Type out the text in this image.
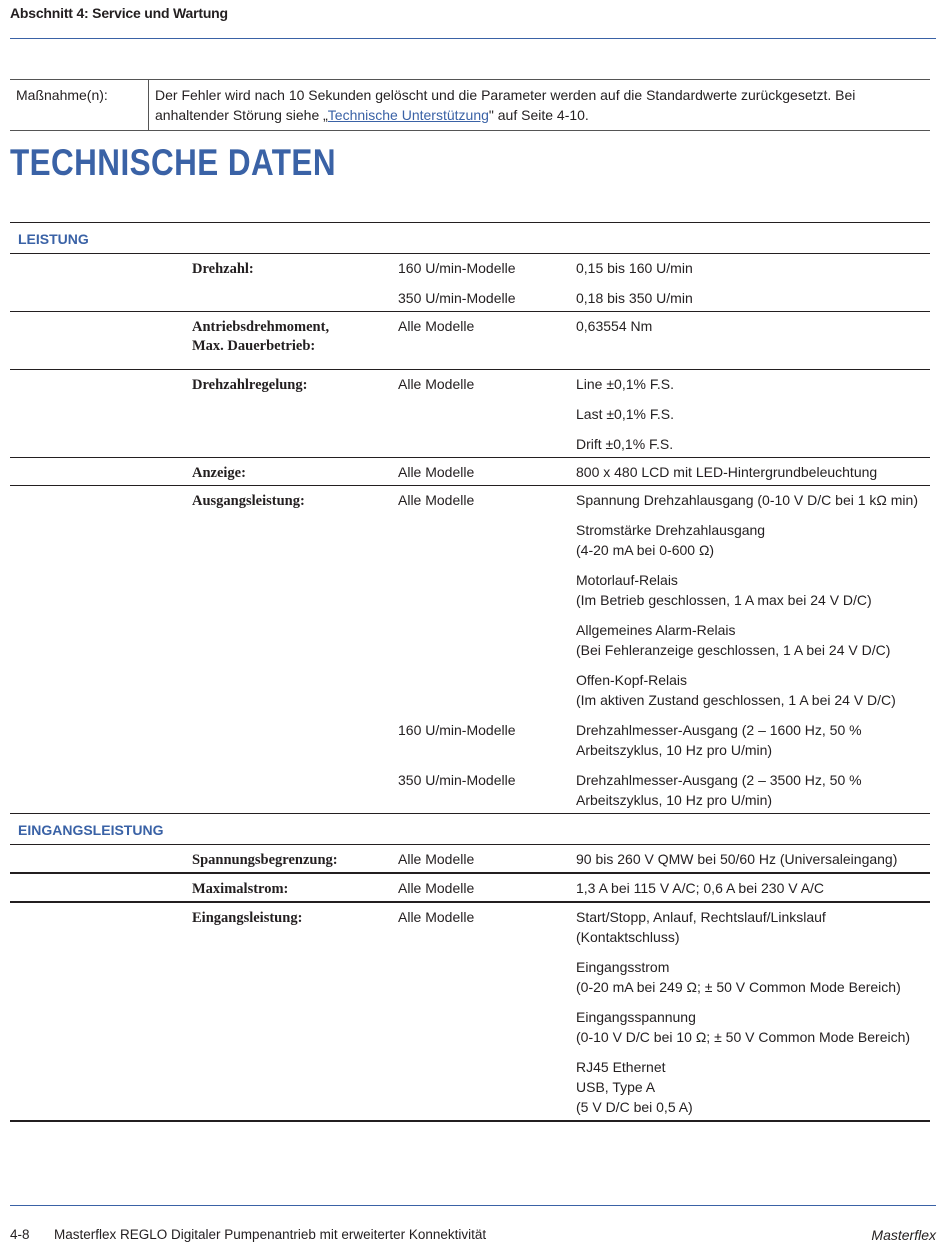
Abschnitt 4: Service und Wartung
Maßnahme(n):	Der Fehler wird nach 10 Sekunden gelöscht und die Parameter werden auf die Standardwerte zurückgesetzt. Bei anhaltender Störung siehe „Technische Unterstützung" auf Seite 4-10.
TECHNISCHE DATEN
LEISTUNG
Drehzahl:	160 U/min-Modelle	0,15 bis 160 U/min
350 U/min-Modelle	0,18 bis 350 U/min
Antriebsdrehmoment,
Max. Dauerbetrieb:
Alle Modelle	0,63554 Nm
Drehzahlregelung:	Alle Modelle	Line ±0,1% F.S.
Last ±0,1% F.S.
Drift ±0,1% F.S.
Anzeige:	Alle Modelle	800 x 480 LCD mit LED-Hintergrundbeleuchtung
Ausgangsleistung:	Alle Modelle	Spannung Drehzahlausgang (0-10 V D/C bei 1 kΩ min)
Stromstärke Drehzahlausgang
(4-20 mA bei 0-600 Ω)
Motorlauf-Relais
(Im Betrieb geschlossen, 1 A max bei 24 V D/C)
Allgemeines Alarm-Relais
(Bei Fehleranzeige geschlossen, 1 A bei 24 V D/C)
Offen-Kopf-Relais
(Im aktiven Zustand geschlossen, 1 A bei 24 V D/C)
160 U/min-Modelle	Drehzahlmesser-Ausgang (2 – 1600 Hz, 50 %
Arbeitszyklus, 10 Hz pro U/min)
350 U/min-Modelle	Drehzahlmesser-Ausgang (2 – 3500 Hz, 50 %
Arbeitszyklus, 10 Hz pro U/min)
EINGANGSLEISTUNG
Spannungsbegrenzung:	Alle Modelle	90 bis 260 V QMW bei 50/60 Hz (Universaleingang)
Maximalstrom:	Alle Modelle	1,3 A bei 115 V A/C; 0,6 A bei 230 V A/C
Eingangsleistung:	Alle Modelle	Start/Stopp, Anlauf, Rechtslauf/Linkslauf
(Kontaktschluss)
Eingangsstrom
(0-20 mA bei 249 Ω; ± 50 V Common Mode Bereich)
Eingangsspannung
(0-10 V D/C bei 10 Ω; ± 50 V Common Mode Bereich)
RJ45 Ethernet
USB, Type A
(5 V D/C bei 0,5 A)
4-8 Masterflex REGLO Digitaler Pumpenantrieb mit erweiterter Konnektivität	Masterflex
